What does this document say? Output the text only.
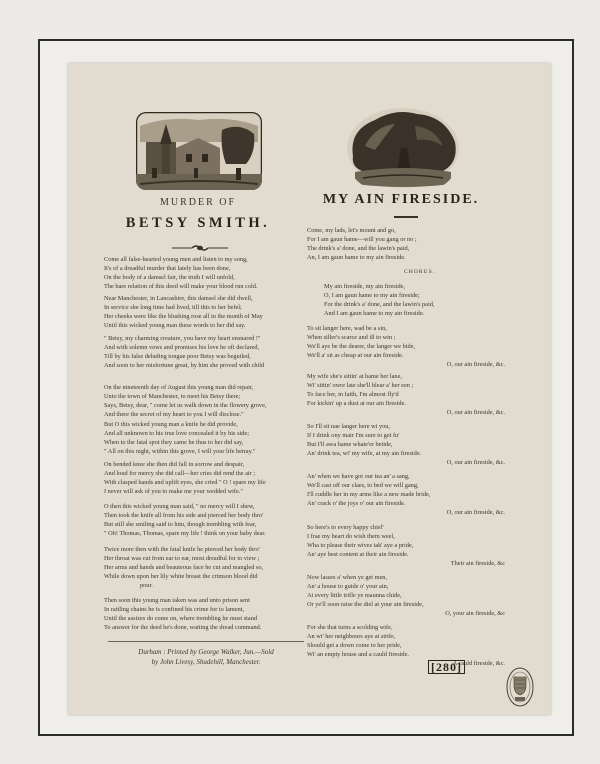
MURDER OF
BETSY SMITH.
Come all false-hearted young men and listen to my song,
It's of a dreadful murder that lately has been done,
On the body of a damsel fair, the truth I will unfold,
The bare relation of this deed will make your blood run cold.
Near Manchester, in Lancashire, this damsel she did dwell,
In service she long time had lived, till this to her befel;
Her cheeks were like the blushing rose all in the month of May
Until this wicked young man these words to her did say.
" Betsy, my charming creature, you have my heart ensnared !"
And with solemn vows and promises his love he oft declared,
Till by his false deluding tongue poor Betsy was beguiled,
And soon to her misfortune great, by him she proved with child
On the nineteenth day of August this young man did repair,
Unto the town of Manchester, to meet his Betsy there;
Says, Betsy, dear, " come let us walk down in the flowery grove,
And there the secret of my heart to you I will disclose."
But O this wicked young man a knife he did provide,
And all unknown to his true love concealed it by his side;
When to the fatal spot they came he thus to her did say,
" All on this night, within this grove, I will your life betray."
On bended knee she then did fall in sorrow and despair,
And loud for mercy she did call—her cries did rend the air ;
With clasped hands and uplift eyes, she cried " O ! spare my life
I never will ask of you to make me your wedded wife."
O then this wicked young man said, " no mercy will I shew,
Then took the knife all from his side and pierced her body thro'
But still she smiling said to him, though trembling with fear,
" Oh! Thomas, Thomas, spare my life ! think on your baby dear.
Twice more then with the fatal knife he pierced her body thro'
Her throat was cut from ear to ear, most dreadful for to view ;
Her arms and hands and beauteous face he cut and mangled so,
While down upon her lily white breast the crimson blood did
pour.
Then soon this young man taken was and unto prison sent
In rattling chains he is confined his crime for to lament,
Until the assizes do come on, where trembling he must stand
To answer for the deed he's done, waiting the dread command.
Durham : Printed by George Walker, Jun.—Sold
by John Livesy, Shudehill, Manchester.
MY AIN FIRESIDE.
Come, my lads, let's mount and go,
For I am gaun hame—will you gang or no ;
The drink's a' done, and the lawin's paid,
An, I am gaun hame to my ain fireside.
CHORUS.
My ain fireside, my ain fireside,
O, I am gaun hame to my ain fireside;
For the drink's a' done, and the lawin's paid,
And I am gaun hame to my ain fireside.
To sit langer here, wad be a sin,
When siller's scarce and ill to win ;
We'll aye be the dearer, the langer we bide,
We'll a' sit as cheap at our ain fireside.
O, our ain fireside, &c.
My wife she's sittin' at hame her lane,
Wi' sittin' owre late she'll blear a' her een ;
To face her, in faith, I'm almost fly'd
For kickin' up a dust at our ain fireside.
O, our ain fireside, &c.
So I'll sit nae langer here wi you,
If I drink ony mair I'm sure to get fu'
But I'll awa hame whate'er betide,
An' drink tea, wi' my wife, at my ain fireside.
O, our ain fireside, &c.
An' when we have got our tea an' a sang,
We'll cast off our claes, to bed we will gang,
I'll cuddle her in my arms like a new made bride,
An' crack o' the joys o' our ain fireside.
O, our ain fireside, &c.
So here's to every happy chiel'
I frae my heart do wish them weel,
Wha to please their wives tak' aye a pride,
An' aye best content at their ain fireside.
Their ain fireside, &c
Now lasses a' when ye get men,
An' a house to guide o' your ain,
At every little trifle ye maunna chide,
Or ye'll soon raise the diel at your ain fireside,
O, your ain fireside, &c
For she that turns a scolding wife,
An wi' her neighbours aye at strife,
Should get a down come to her pride,
Wi' an empty house and a cauld fireside.
A cauld fireside, &c.
[280]
